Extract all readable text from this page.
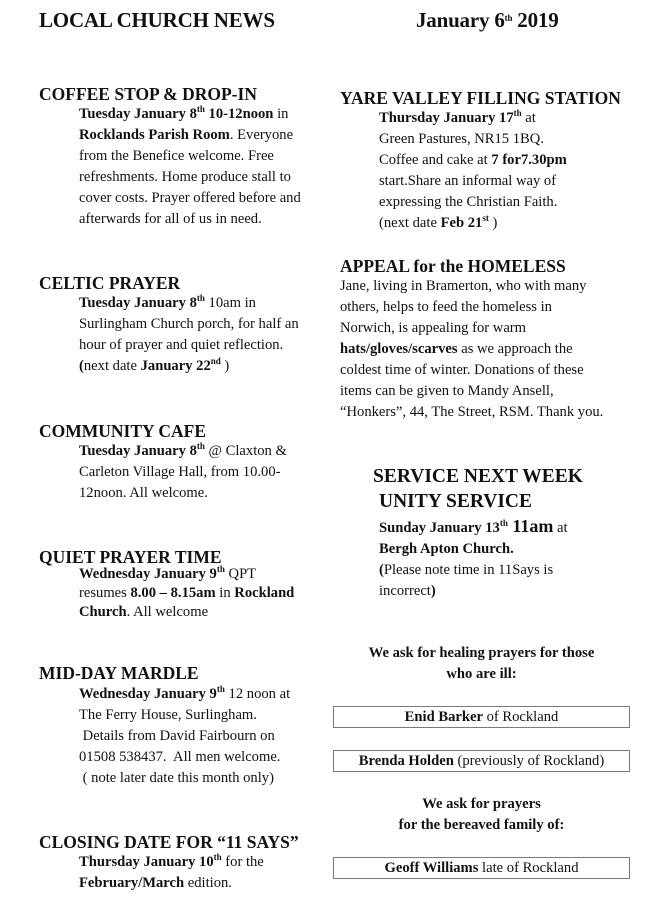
LOCAL CHURCH NEWS	January 6th 2019
COFFEE STOP & DROP-IN
Tuesday January 8th 10-12noon in
Rocklands Parish Room. Everyone
from the Benefice welcome. Free
refreshments. Home produce stall to
cover costs. Prayer offered before and
afterwards for all of us in need.
CELTIC PRAYER
Tuesday January 8th 10am in
Surlingham Church porch, for half an
hour of prayer and quiet reflection.
(next date January 22nd )
COMMUNITY CAFE
Tuesday January 8th @ Claxton &
Carleton Village Hall, from 10.00-
12noon. All welcome.
QUIET PRAYER TIME
Wednesday January 9th QPT
resumes 8.00 – 8.15am in Rockland
Church. All welcome
MID-DAY MARDLE
Wednesday January 9th 12 noon at
The Ferry House, Surlingham.
Details from David Fairbourn on
01508 538437.  All men welcome.
( note later date this month only)
CLOSING DATE FOR “11 SAYS”
Thursday January 10th for the
February/March edition.
YARE VALLEY FILLING STATION
Thursday January 17th at
Green Pastures, NR15 1BQ.
Coffee and cake at 7 for7.30pm
start.Share an informal way of
expressing the Christian Faith.
(next date Feb 21st )
APPEAL for the HOMELESS
Jane, living in Bramerton, who with many
others, helps to feed the homeless in
Norwich, is appealing for warm
hats/gloves/scarves as we approach the
coldest time of winter. Donations of these
items can be given to Mandy Ansell,
“Honkers”, 44, The Street, RSM. Thank you.
SERVICE NEXT WEEK
UNITY SERVICE
Sunday January 13th 11am at
Bergh Apton Church.
(Please note time in 11Says is
incorrect)
We ask for healing prayers for those
who are ill:
Enid Barker of Rockland
Brenda Holden (previously of Rockland)
We ask for prayers
for the bereaved family of:
Geoff Williams late of Rockland
